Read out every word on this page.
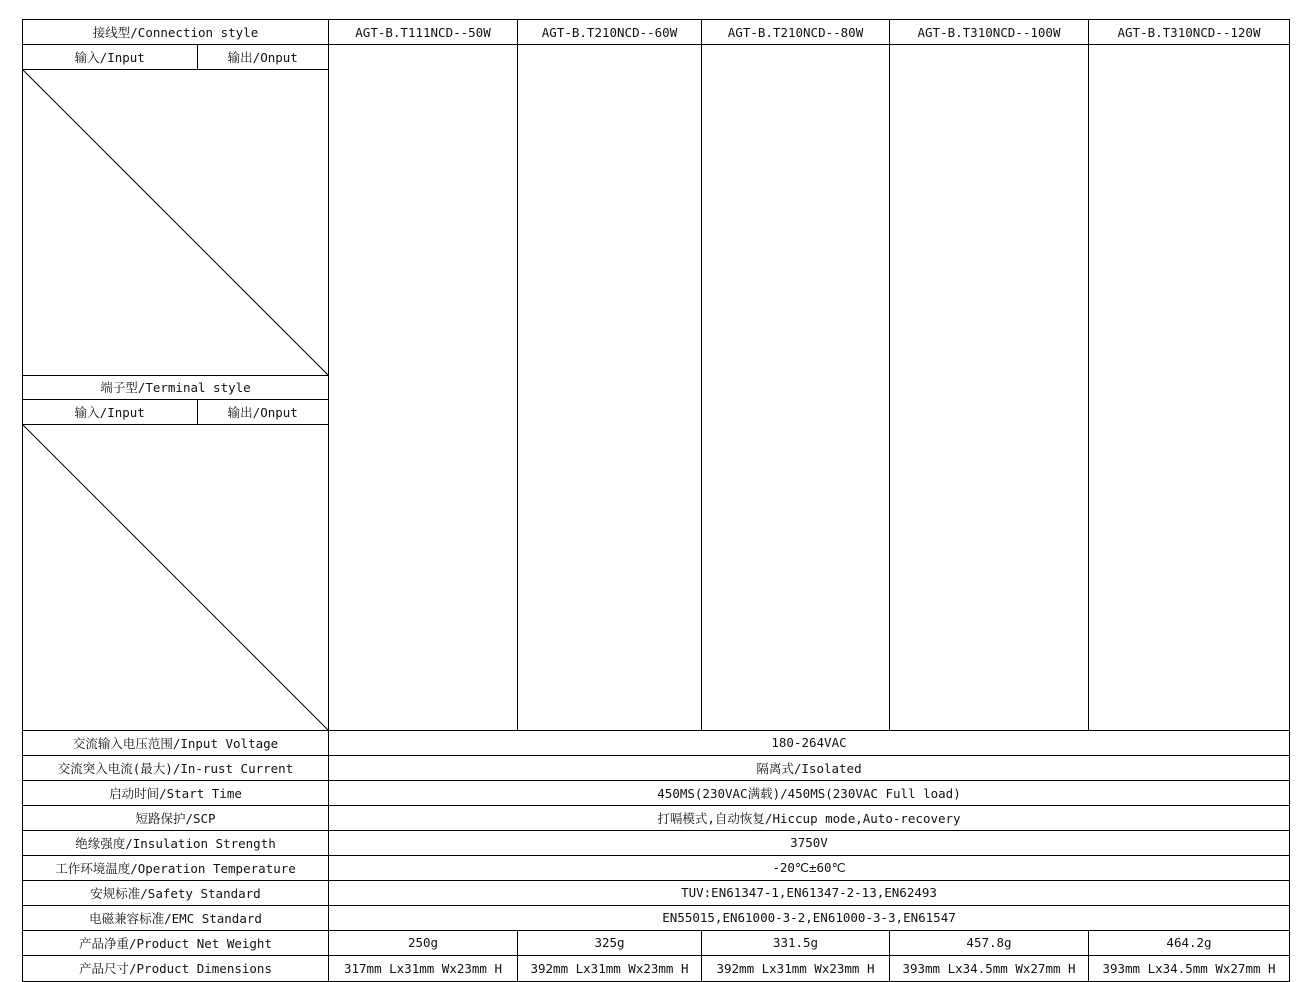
接线型/Connection style	AGT-B.T111NCD--50W	AGT-B.T210NCD--60W	AGT-B.T210NCD--80W	AGT-B.T310NCD--100W	AGT-B.T310NCD--120W

输入/Input	输出/Onput

端子型/Terminal style
输入/Input	输出/Onput

交流输入电压范围/Input Voltage	180-264VAC
交流突入电流(最大)/In-rust Current	隔离式/Isolated
启动时间/Start Time	450MS(230VAC满载)/450MS(230VAC Full load)
短路保护/SCP	打嗝模式,自动恢复/Hiccup mode,Auto-recovery
绝缘强度/Insulation Strength	3750V
工作环境温度/Operation Temperature	-20℃±60℃
安规标准/Safety Standard	TUV:EN61347-1,EN61347-2-13,EN62493
电磁兼容标准/EMC Standard	EN55015,EN61000-3-2,EN61000-3-3,EN61547
产品净重/Product Net Weight	250g	325g	331.5g	457.8g	464.2g
产品尺寸/Product Dimensions	317mm Lx31mm Wx23mm H	392mm Lx31mm Wx23mm H	392mm Lx31mm Wx23mm H	393mm Lx34.5mm Wx27mm H	393mm Lx34.5mm Wx27mm H
